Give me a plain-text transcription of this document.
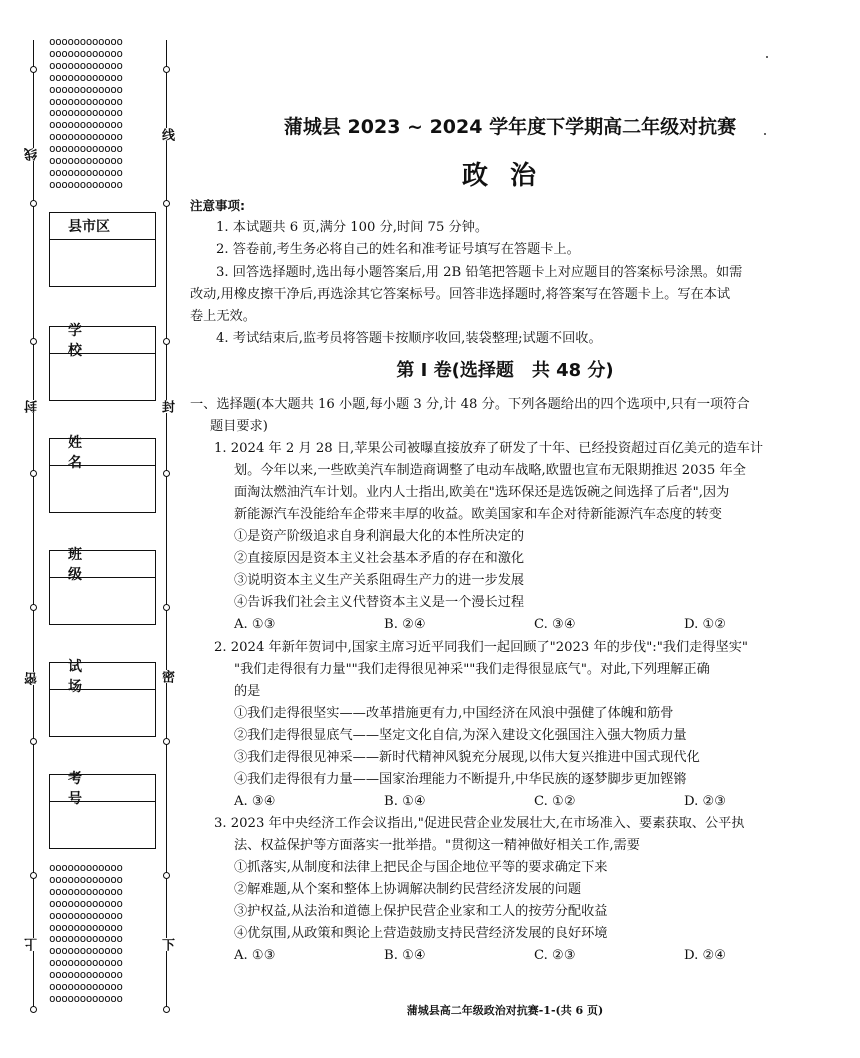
线
线
封	封
密	密
上	下
oooooooooooo
oooooooooooo
oooooooooooo
oooooooooooo
oooooooooooo
oooooooooooo
oooooooooooo
oooooooooooo
oooooooooooo
oooooooooooo
oooooooooooo
oooooooooooo
oooooooooooo
oooooooooooo
oooooooooooo
oooooooooooo
oooooooooooo
oooooooooooo
oooooooooooo
oooooooooooo
oooooooooooo
oooooooooooo
oooooooooooo
oooooooooooo
oooooooooooo
县市区
学校
姓名
班级
试场
考号
蒲城县 2023 ~ 2024 学年度下学期高二年级对抗赛
政治
注意事项:
1. 本试题共 6 页,满分 100 分,时间 75 分钟。
2. 答卷前,考生务必将自己的姓名和准考证号填写在答题卡上。
3. 回答选择题时,选出每小题答案后,用 2B 铅笔把答题卡上对应题目的答案标号涂黑。如需
改动,用橡皮擦干净后,再选涂其它答案标号。回答非选择题时,将答案写在答题卡上。写在本试
卷上无效。
4. 考试结束后,监考员将答题卡按顺序收回,装袋整理;试题不回收。
第 Ⅰ 卷(选择题　共 48 分)
一、选择题(本大题共 16 小题,每小题 3 分,计 48 分。下列各题给出的四个选项中,只有一项符合
题目要求)
1. 2024 年 2 月 28 日,苹果公司被曝直接放弃了研发了十年、已经投资超过百亿美元的造车计
划。今年以来,一些欧美汽车制造商调整了电动车战略,欧盟也宣布无限期推迟 2035 年全
面淘汰燃油汽车计划。业内人士指出,欧美在"选环保还是选饭碗之间选择了后者",因为
新能源汽车没能给车企带来丰厚的收益。欧美国家和车企对待新能源汽车态度的转变
①是资产阶级追求自身利润最大化的本性所决定的
②直接原因是资本主义社会基本矛盾的存在和激化
③说明资本主义生产关系阻碍生产力的进一步发展
④告诉我们社会主义代替资本主义是一个漫长过程
A. ①③	B. ②④	C. ③④	D. ①②
2. 2024 年新年贺词中,国家主席习近平同我们一起回顾了"2023 年的步伐":"我们走得坚实"
"我们走得很有力量""我们走得很见神采""我们走得很显底气"。对此,下列理解正确
的是
①我们走得很坚实——改革措施更有力,中国经济在风浪中强健了体魄和筋骨
②我们走得很显底气——坚定文化自信,为深入建设文化强国注入强大物质力量
③我们走得很见神采——新时代精神风貌充分展现,以伟大复兴推进中国式现代化
④我们走得很有力量——国家治理能力不断提升,中华民族的逐梦脚步更加铿锵
A. ③④	B. ①④	C. ①②	D. ②③
3. 2023 年中央经济工作会议指出,"促进民营企业发展壮大,在市场准入、要素获取、公平执
法、权益保护等方面落实一批举措。"贯彻这一精神做好相关工作,需要
①抓落实,从制度和法律上把民企与国企地位平等的要求确定下来
②解难题,从个案和整体上协调解决制约民营经济发展的问题
③护权益,从法治和道德上保护民营企业家和工人的按劳分配收益
④优氛围,从政策和舆论上营造鼓励支持民营经济发展的良好环境
A. ①③	B. ①④	C. ②③	D. ②④
蒲城县高二年级政治对抗赛-1-(共 6 页)
